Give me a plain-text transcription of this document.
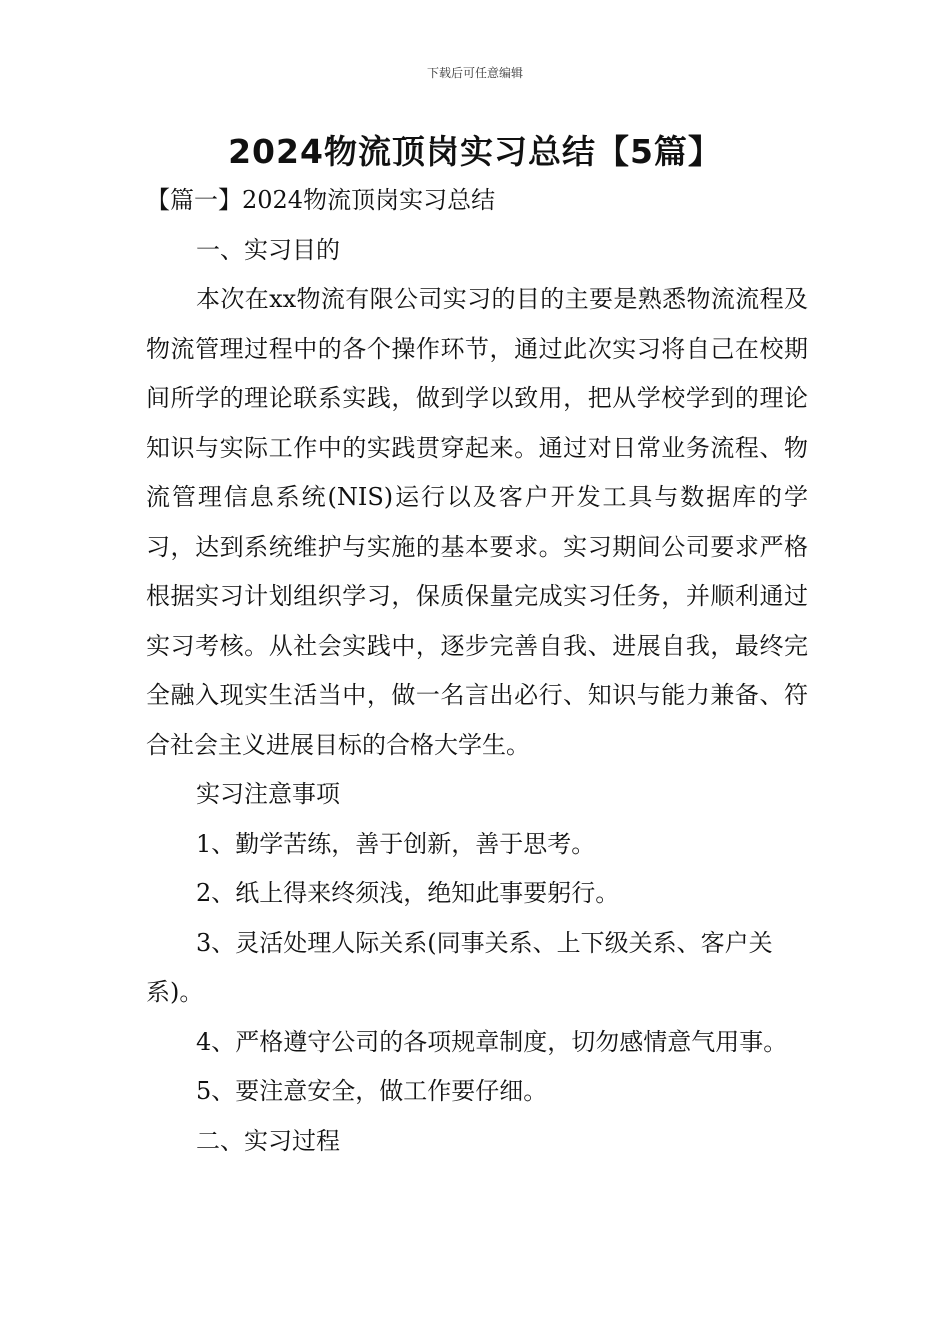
下载后可任意编辑
2024物流顶岗实习总结【5篇】

【篇一】2024物流顶岗实习总结

一、实习目的

本次在xx物流有限公司实习的目的主要是熟悉物流流程及物流管理过程中的各个操作环节，通过此次实习将自己在校期间所学的理论联系实践，做到学以致用，把从学校学到的理论知识与实际工作中的实践贯穿起来。通过对日常业务流程、物流管理信息系统(NIS)运行以及客户开发工具与数据库的学习，达到系统维护与实施的基本要求。实习期间公司要求严格根据实习计划组织学习，保质保量完成实习任务，并顺利通过实习考核。从社会实践中，逐步完善自我、进展自我，最终完全融入现实生活当中，做一名言出必行、知识与能力兼备、符合社会主义进展目标的合格大学生。

实习注意事项

1、勤学苦练，善于创新，善于思考。

2、纸上得来终须浅，绝知此事要躬行。

3、灵活处理人际关系(同事关系、上下级关系、客户关系)。

4、严格遵守公司的各项规章制度，切勿感情意气用事。

5、要注意安全，做工作要仔细。

二、实习过程
